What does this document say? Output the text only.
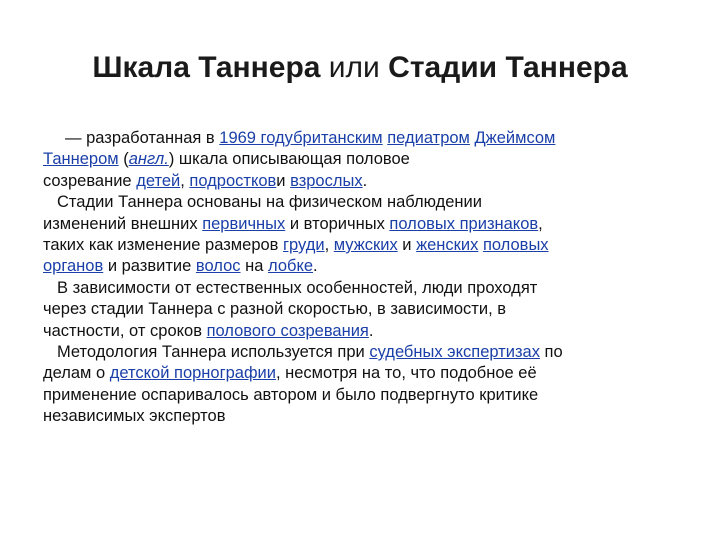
Шкала Таннера или Стадии Таннера
— разработанная в 1969 годубританским педиатром Джеймсом
Таннером (англ.) шкала описывающая половое
созревание детей, подросткови взрослых.
Стадии Таннера основаны на физическом наблюдении
изменений внешних первичных и вторичных половых признаков,
таких как изменение размеров груди, мужских и женских половых
органов и развитие волос на лобке.
В зависимости от естественных особенностей, люди проходят
через стадии Таннера с разной скоростью, в зависимости, в
частности, от сроков полового созревания.
Методология Таннера используется при судебных экспертизах по
делам о детской порнографии, несмотря на то, что подобное её
применение оспаривалось автором и было подвергнуто критике
независимых экспертов
